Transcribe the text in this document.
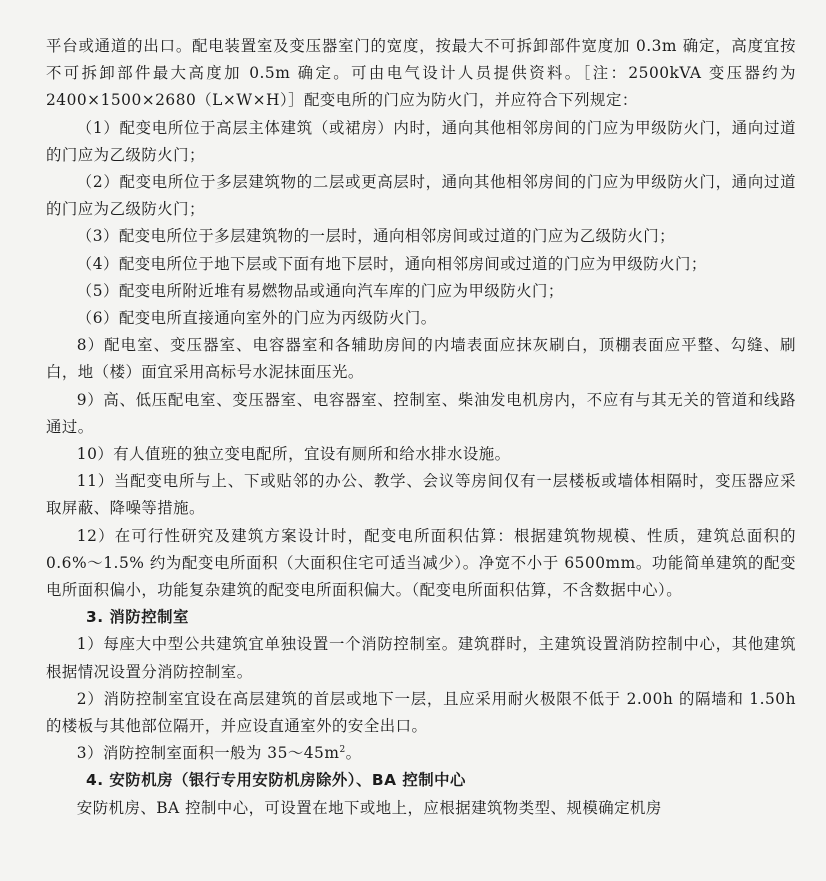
平台或通道的出口。配电装置室及变压器室门的宽度，按最大不可拆卸部件宽度加 0.3m 确定，高度宜按不可拆卸部件最大高度加 0.5m 确定。可由电气设计人员提供资料。［注：2500kVA 变压器约为 2400×1500×2680（L×W×H）］配变电所的门应为防火门，并应符合下列规定：

（1）配变电所位于高层主体建筑（或裙房）内时，通向其他相邻房间的门应为甲级防火门，通向过道的门应为乙级防火门；

（2）配变电所位于多层建筑物的二层或更高层时，通向其他相邻房间的门应为甲级防火门，通向过道的门应为乙级防火门；

（3）配变电所位于多层建筑物的一层时，通向相邻房间或过道的门应为乙级防火门；

（4）配变电所位于地下层或下面有地下层时，通向相邻房间或过道的门应为甲级防火门；

（5）配变电所附近堆有易燃物品或通向汽车库的门应为甲级防火门；

（6）配变电所直接通向室外的门应为丙级防火门。

8）配电室、变压器室、电容器室和各辅助房间的内墙表面应抹灰刷白，顶棚表面应平整、勾缝、刷白，地（楼）面宜采用高标号水泥抹面压光。

9）高、低压配电室、变压器室、电容器室、控制室、柴油发电机房内，不应有与其无关的管道和线路通过。

10）有人值班的独立变电配所，宜设有厕所和给水排水设施。

11）当配变电所与上、下或贴邻的办公、教学、会议等房间仅有一层楼板或墙体相隔时，变压器应采取屏蔽、降噪等措施。

12）在可行性研究及建筑方案设计时，配变电所面积估算：根据建筑物规模、性质，建筑总面积的 0.6%～1.5% 约为配变电所面积（大面积住宅可适当减少）。净宽不小于 6500mm。功能简单建筑的配变电所面积偏小，功能复杂建筑的配变电所面积偏大。（配变电所面积估算，不含数据中心）。

3. 消防控制室

1）每座大中型公共建筑宜单独设置一个消防控制室。建筑群时，主建筑设置消防控制中心，其他建筑根据情况设置分消防控制室。

2）消防控制室宜设在高层建筑的首层或地下一层，且应采用耐火极限不低于 2.00h 的隔墙和 1.50h 的楼板与其他部位隔开，并应设直通室外的安全出口。

3）消防控制室面积一般为 $35\sim 45m^2$。

4. 安防机房（银行专用安防机房除外）、BA 控制中心

安防机房、BA 控制中心，可设置在地下或地上，应根据建筑物类型、规模确定机房
